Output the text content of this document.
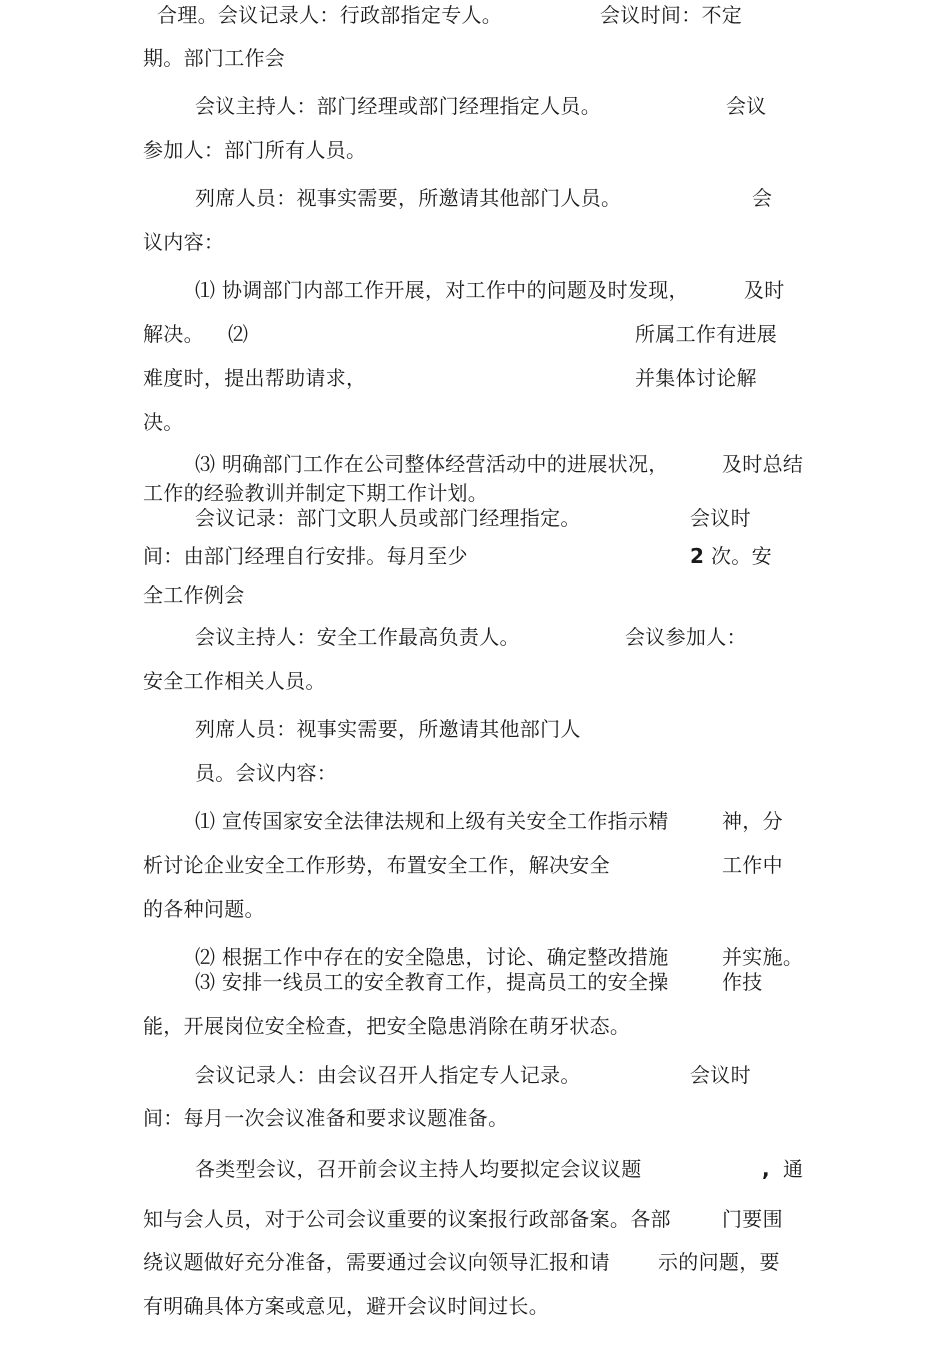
合理。会议记录人：行政部指定专人。	会议时间：不定
期。部门工作会
会议主持人：部门经理或部门经理指定人员。	会议
参加人：部门所有人员。
列席人员：视事实需要，所邀请其他部门人员。	会
议内容：
⑴ 协调部门内部工作开展，对工作中的问题及时发现，	及时
解决。 ⑵	所属工作有进展
难度时，提出帮助请求，	并集体讨论解
决。
⑶ 明确部门工作在公司整体经营活动中的进展状况，	及时总结
工作的经验教训并制定下期工作计划。
会议记录：部门文职人员或部门经理指定。	会议时
间：由部门经理自行安排。每月至少	2 次。安
全工作例会
会议主持人：安全工作最高负责人。	会议参加人：
安全工作相关人员。
列席人员：视事实需要，所邀请其他部门人
员。会议内容：
⑴ 宣传国家安全法律法规和上级有关安全工作指示精	神，分
析讨论企业安全工作形势，布置安全工作，解决安全	工作中
的各种问题。
⑵ 根据工作中存在的安全隐患，讨论、确定整改措施	并实施。
⑶ 安排一线员工的安全教育工作，提高员工的安全操	作技
能，开展岗位安全检查，把安全隐患消除在萌牙状态。
会议记录人：由会议召开人指定专人记录。	会议时
间：每月一次会议准备和要求议题准备。
各类型会议，召开前会议主持人均要拟定会议议题	, 通
知与会人员，对于公司会议重要的议案报行政部备案。各部	门要围
绕议题做好充分准备，需要通过会议向领导汇报和请 示的问题，要
有明确具体方案或意见，避开会议时间过长。
